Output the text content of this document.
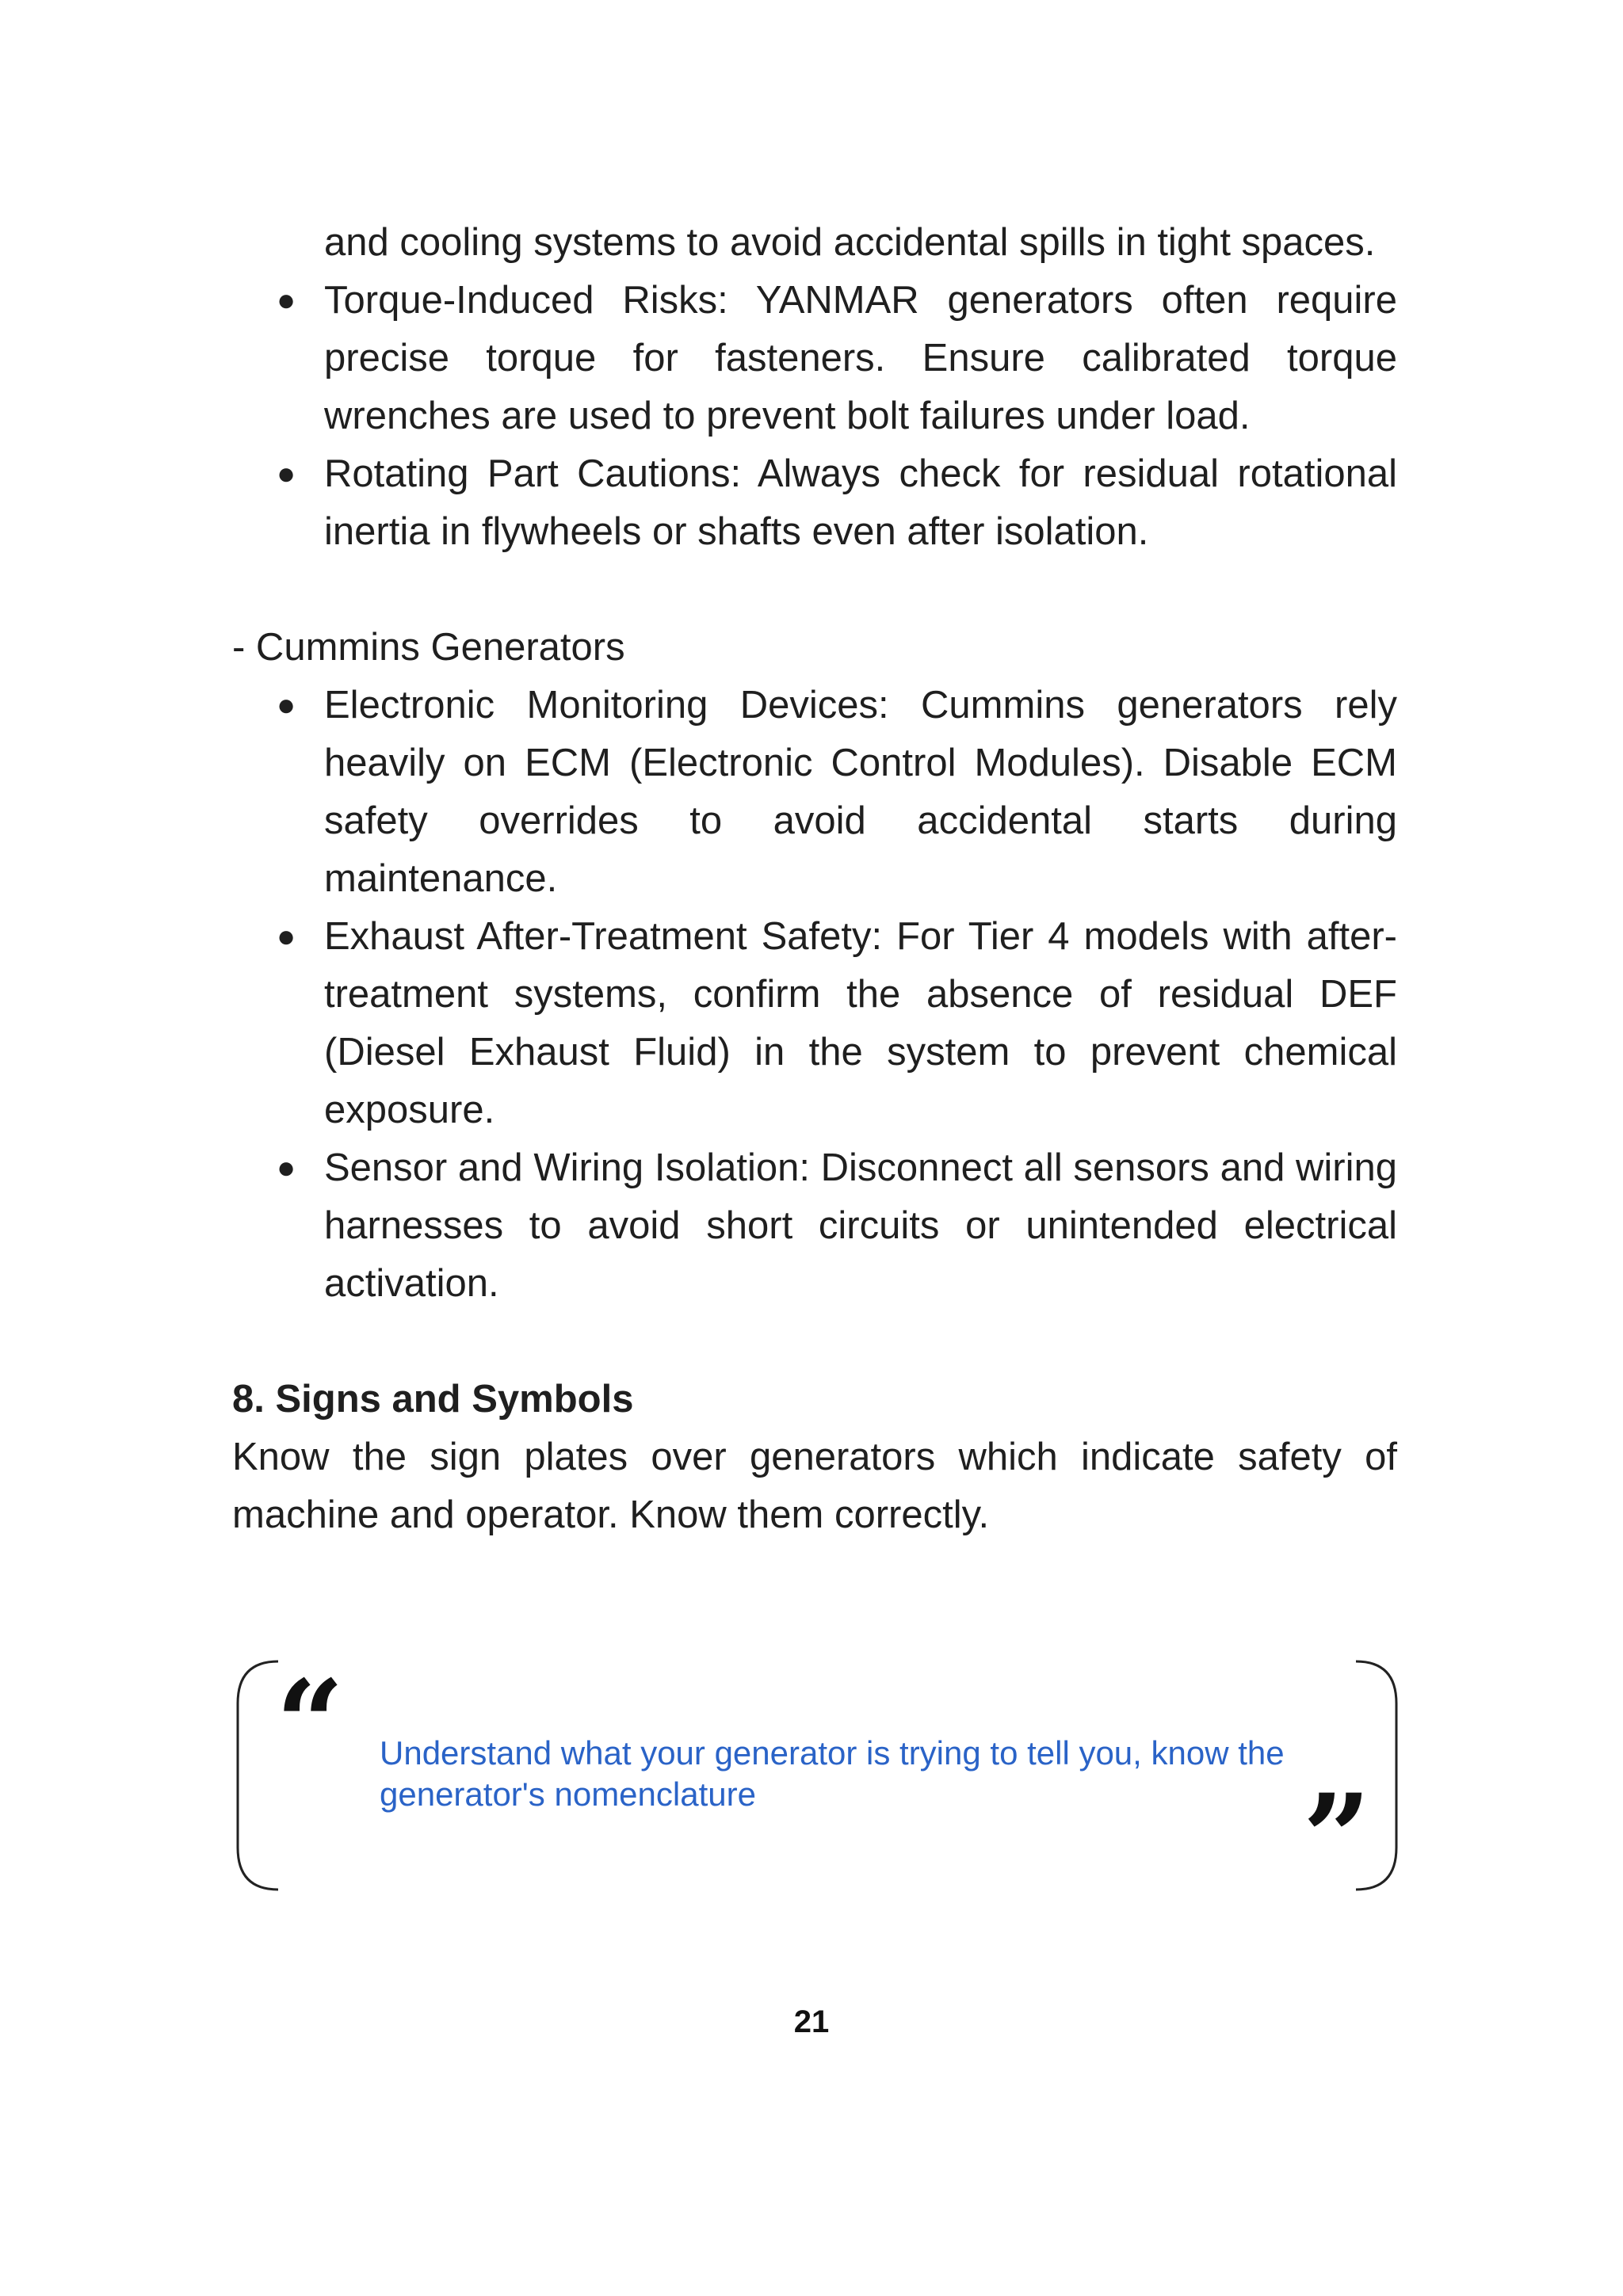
and cooling systems to avoid accidental spills in tight spaces.
● Torque-Induced Risks: YANMAR generators often require precise torque for fasteners. Ensure calibrated torque wrenches are used to prevent bolt failures under load.
● Rotating Part Cautions: Always check for residual rotational inertia in flywheels or shafts even after isolation.
- Cummins Generators
● Electronic Monitoring Devices: Cummins generators rely heavily on ECM (Electronic Control Modules). Disable ECM safety overrides to avoid accidental starts during maintenance.
● Exhaust After-Treatment Safety: For Tier 4 models with after-treatment systems, confirm the absence of residual DEF (Diesel Exhaust Fluid) in the system to prevent chemical exposure.
● Sensor and Wiring Isolation: Disconnect all sensors and wiring harnesses to avoid short circuits or unintended electrical activation.
8. Signs and Symbols
Know the sign plates over generators which indicate safety of machine and operator. Know them correctly.
“ Understand what your generator is trying to tell you, know the generator's nomenclature	”
21
